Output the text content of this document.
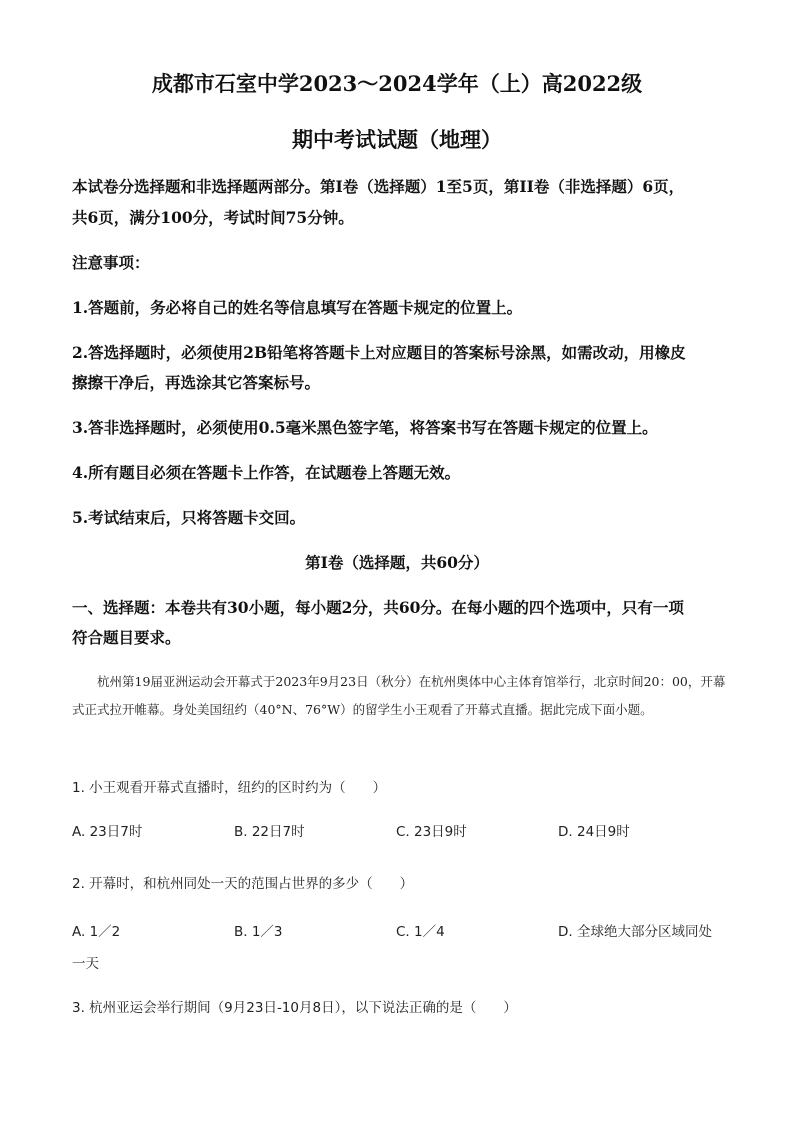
成都市石室中学2023～2024学年（上）高2022级
期中考试试题（地理）

本试卷分选择题和非选择题两部分。第Ⅰ卷（选择题）1至5页，第II卷（非选择题）6页，

共6页，满分100分，考试时间75分钟。

注意事项：

1.答题前，务必将自己的姓名等信息填写在答题卡规定的位置上。

2.答选择题时，必须使用2B铅笔将答题卡上对应题目的答案标号涂黑，如需改动，用橡皮

擦擦干净后，再选涂其它答案标号。

3.答非选择题时，必须使用0.5毫米黑色签字笔，将答案书写在答题卡规定的位置上。

4.所有题目必须在答题卡上作答，在试题卷上答题无效。

5.考试结束后，只将答题卡交回。

第Ⅰ卷（选择题，共60分）

一、选择题：本卷共有30小题，每小题2分，共60分。在每小题的四个选项中，只有一项

符合题目要求。

杭州第19届亚洲运动会开幕式于2023年9月23日（秋分）在杭州奥体中心主体育馆举行，北京时间20：00，开幕式正式拉开帷幕。身处美国纽约（40°N、76°W）的留学生小王观看了开幕式直播。据此完成下面小题。

1. 小王观看开幕式直播时，纽约的区时约为（　　）

A. 23日7时	B. 22日7时	C. 23日9时	D. 24日9时

2. 开幕时，和杭州同处一天的范围占世界的多少（　　）

A. 1／2	B. 1／3	C. 1／4	D. 全球绝大部分区域同处
一天

3. 杭州亚运会举行期间（9月23日-10月8日），以下说法正确的是（　　）
